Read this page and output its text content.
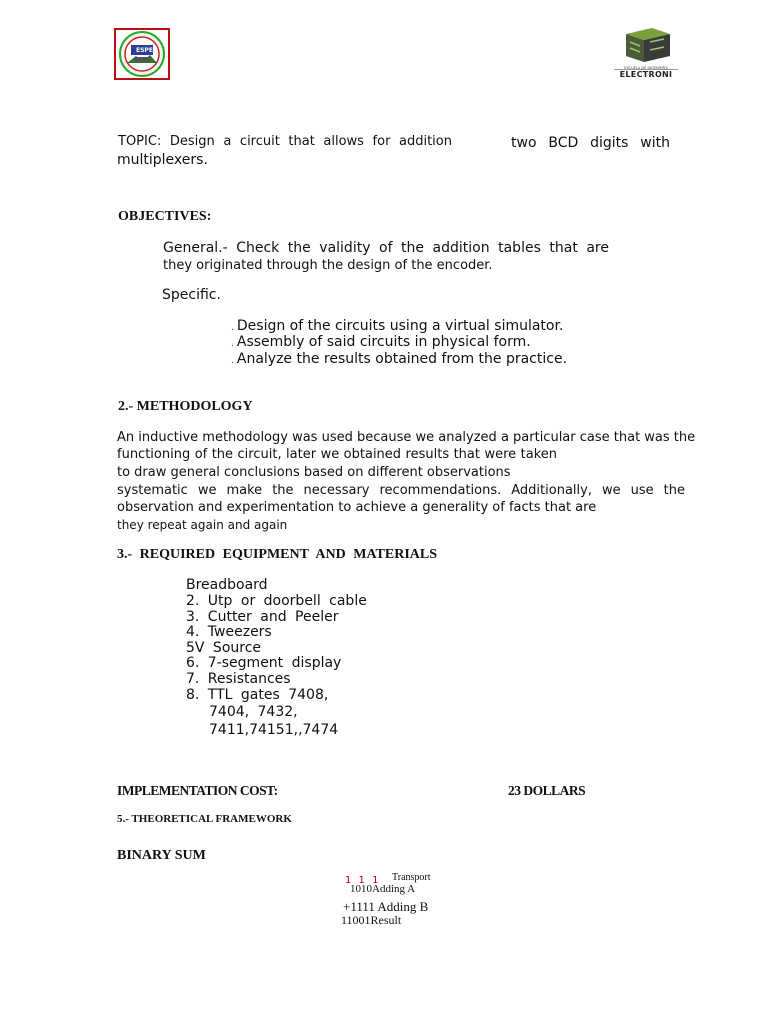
ESPE
ESCUELA DE INGENIERÍA
ELECTRONI
TOPIC: Design a circuit that allows for addition	two BCD digits with
multiplexers.
OBJECTIVES:
General.- Check the validity of the addition tables that are
they originated through the design of the encoder.
Specific.
. Design of the circuits using a virtual simulator.
. Assembly of said circuits in physical form.
. Analyze the results obtained from the practice.
2.- METHODOLOGY
An inductive methodology was used because we analyzed a particular case that was the
functioning of the circuit, later we obtained results that were taken
to draw general conclusions based on different observations
systematic we make the necessary recommendations. Additionally, we use the
observation and experimentation to achieve a generality of facts that are
they repeat again and again
3.- REQUIRED EQUIPMENT AND MATERIALS
Breadboard
2. Utp or doorbell cable
3. Cutter and Peeler
4. Tweezers
5V Source
6. 7-segment display
7. Resistances
8. TTL gates 7408,
7404, 7432,
7411,74151,,7474
IMPLEMENTATION COST:	23 DOLLARS
5.- THEORETICAL FRAMEWORK
BINARY SUM
1 1 1 Transport
1010Adding A
+1111 Adding B
11001Result
